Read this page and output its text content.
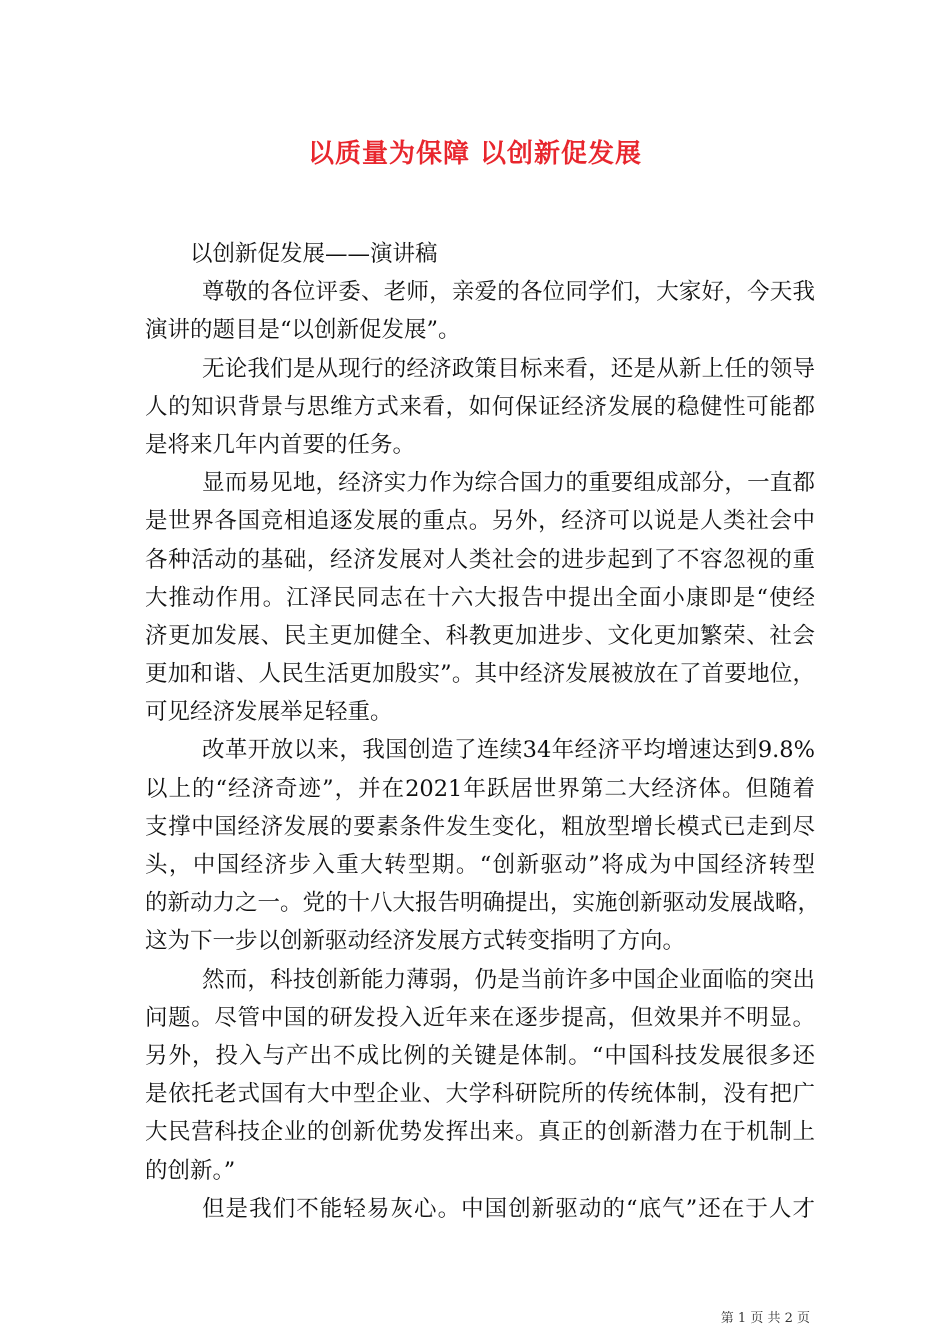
以质量为保障 以创新促发展
以创新促发展——演讲稿
尊敬的各位评委、老师，亲爱的各位同学们，大家好，今天我
演讲的题目是“以创新促发展”。
无论我们是从现行的经济政策目标来看，还是从新上任的领导
人的知识背景与思维方式来看，如何保证经济发展的稳健性可能都
是将来几年内首要的任务。
显而易见地，经济实力作为综合国力的重要组成部分，一直都
是世界各国竞相追逐发展的重点。另外，经济可以说是人类社会中
各种活动的基础，经济发展对人类社会的进步起到了不容忽视的重
大推动作用。江泽民同志在十六大报告中提出全面小康即是“使经
济更加发展、民主更加健全、科教更加进步、文化更加繁荣、社会
更加和谐、人民生活更加殷实”。其中经济发展被放在了首要地位，
可见经济发展举足轻重。
改革开放以来，我国创造了连续34年经济平均增速达到9.8%
以上的“经济奇迹”，并在2021年跃居世界第二大经济体。但随着
支撑中国经济发展的要素条件发生变化，粗放型增长模式已走到尽
头，中国经济步入重大转型期。“创新驱动”将成为中国经济转型
的新动力之一。党的十八大报告明确提出，实施创新驱动发展战略，
这为下一步以创新驱动经济发展方式转变指明了方向。
然而，科技创新能力薄弱，仍是当前许多中国企业面临的突出
问题。尽管中国的研发投入近年来在逐步提高，但效果并不明显。
另外，投入与产出不成比例的关键是体制。“中国科技发展很多还
是依托老式国有大中型企业、大学科研院所的传统体制，没有把广
大民营科技企业的创新优势发挥出来。真正的创新潜力在于机制上
的创新。”
但是我们不能轻易灰心。中国创新驱动的“底气”还在于人才
第 1 页 共 2 页
